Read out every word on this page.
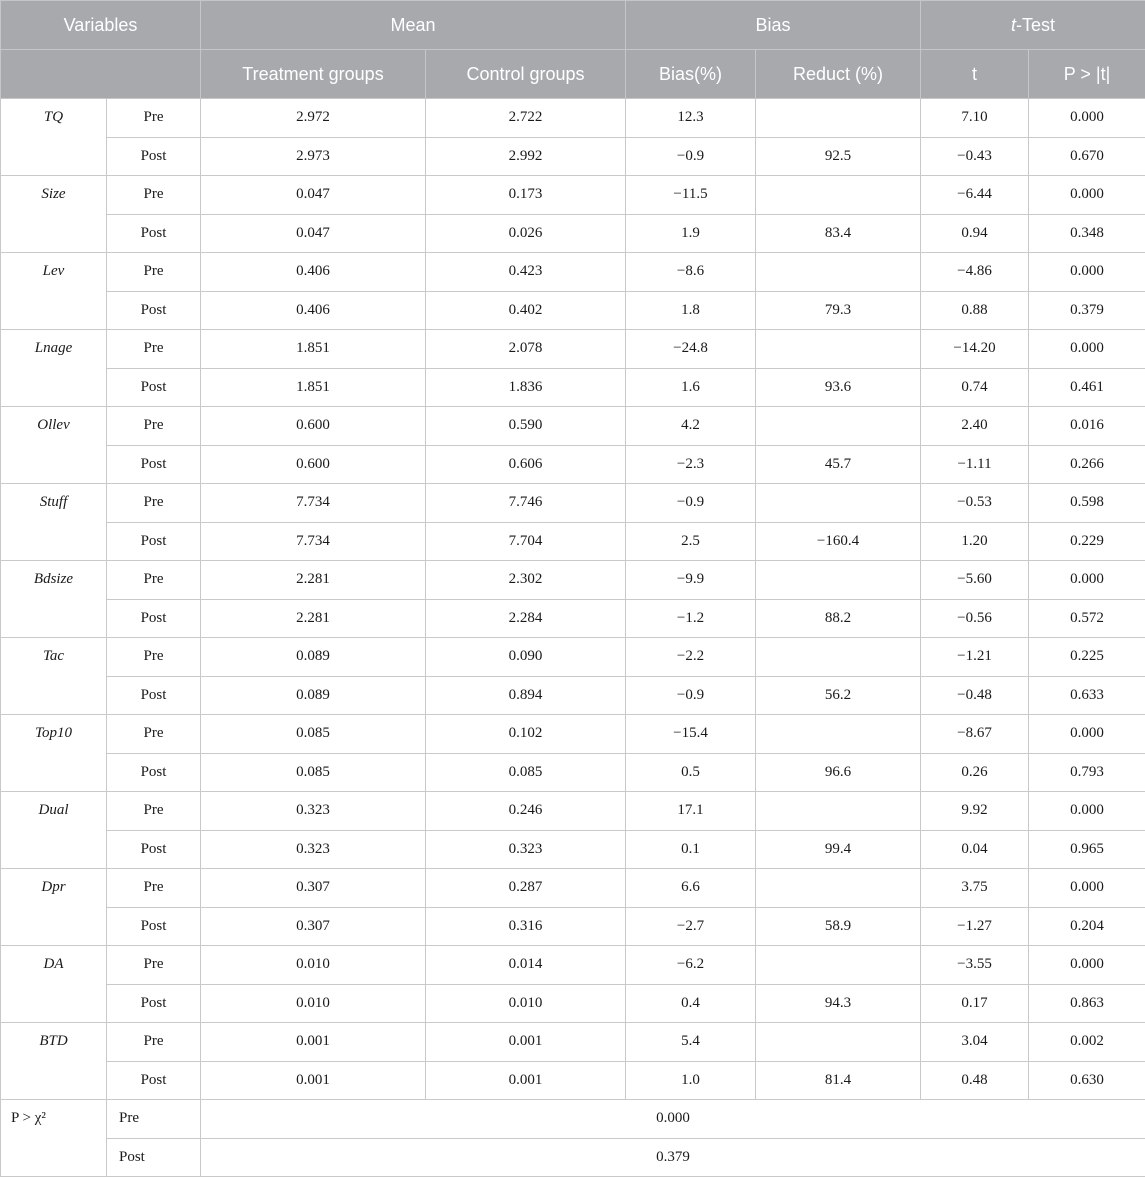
Variables		Mean		Bias		t-Test	
		Treatment groups	Control groups	Bias(%)	Reduct (%)	t	P > |t|
TQ	Pre	2.972	2.722	12.3		7.10	0.000
	Post	2.973	2.992	−0.9	92.5	−0.43	0.670
Size	Pre	0.047	0.173	−11.5		−6.44	0.000
	Post	0.047	0.026	1.9	83.4	0.94	0.348
Lev	Pre	0.406	0.423	−8.6		−4.86	0.000
	Post	0.406	0.402	1.8	79.3	0.88	0.379
Lnage	Pre	1.851	2.078	−24.8		−14.20	0.000
	Post	1.851	1.836	1.6	93.6	0.74	0.461
Ollev	Pre	0.600	0.590	4.2		2.40	0.016
	Post	0.600	0.606	−2.3	45.7	−1.11	0.266
Stuff	Pre	7.734	7.746	−0.9		−0.53	0.598
	Post	7.734	7.704	2.5	−160.4	1.20	0.229
Bdsize	Pre	2.281	2.302	−9.9		−5.60	0.000
	Post	2.281	2.284	−1.2	88.2	−0.56	0.572
Tac	Pre	0.089	0.090	−2.2		−1.21	0.225
	Post	0.089	0.894	−0.9	56.2	−0.48	0.633
Top10	Pre	0.085	0.102	−15.4		−8.67	0.000
	Post	0.085	0.085	0.5	96.6	0.26	0.793
Dual	Pre	0.323	0.246	17.1		9.92	0.000
	Post	0.323	0.323	0.1	99.4	0.04	0.965
Dpr	Pre	0.307	0.287	6.6		3.75	0.000
	Post	0.307	0.316	−2.7	58.9	−1.27	0.204
DA	Pre	0.010	0.014	−6.2		−3.55	0.000
	Post	0.010	0.010	0.4	94.3	0.17	0.863
BTD	Pre	0.001	0.001	5.4		3.04	0.002
	Post	0.001	0.001	1.0	81.4	0.48	0.630
P > χ²	Pre	0.000					
	Post	0.379					
